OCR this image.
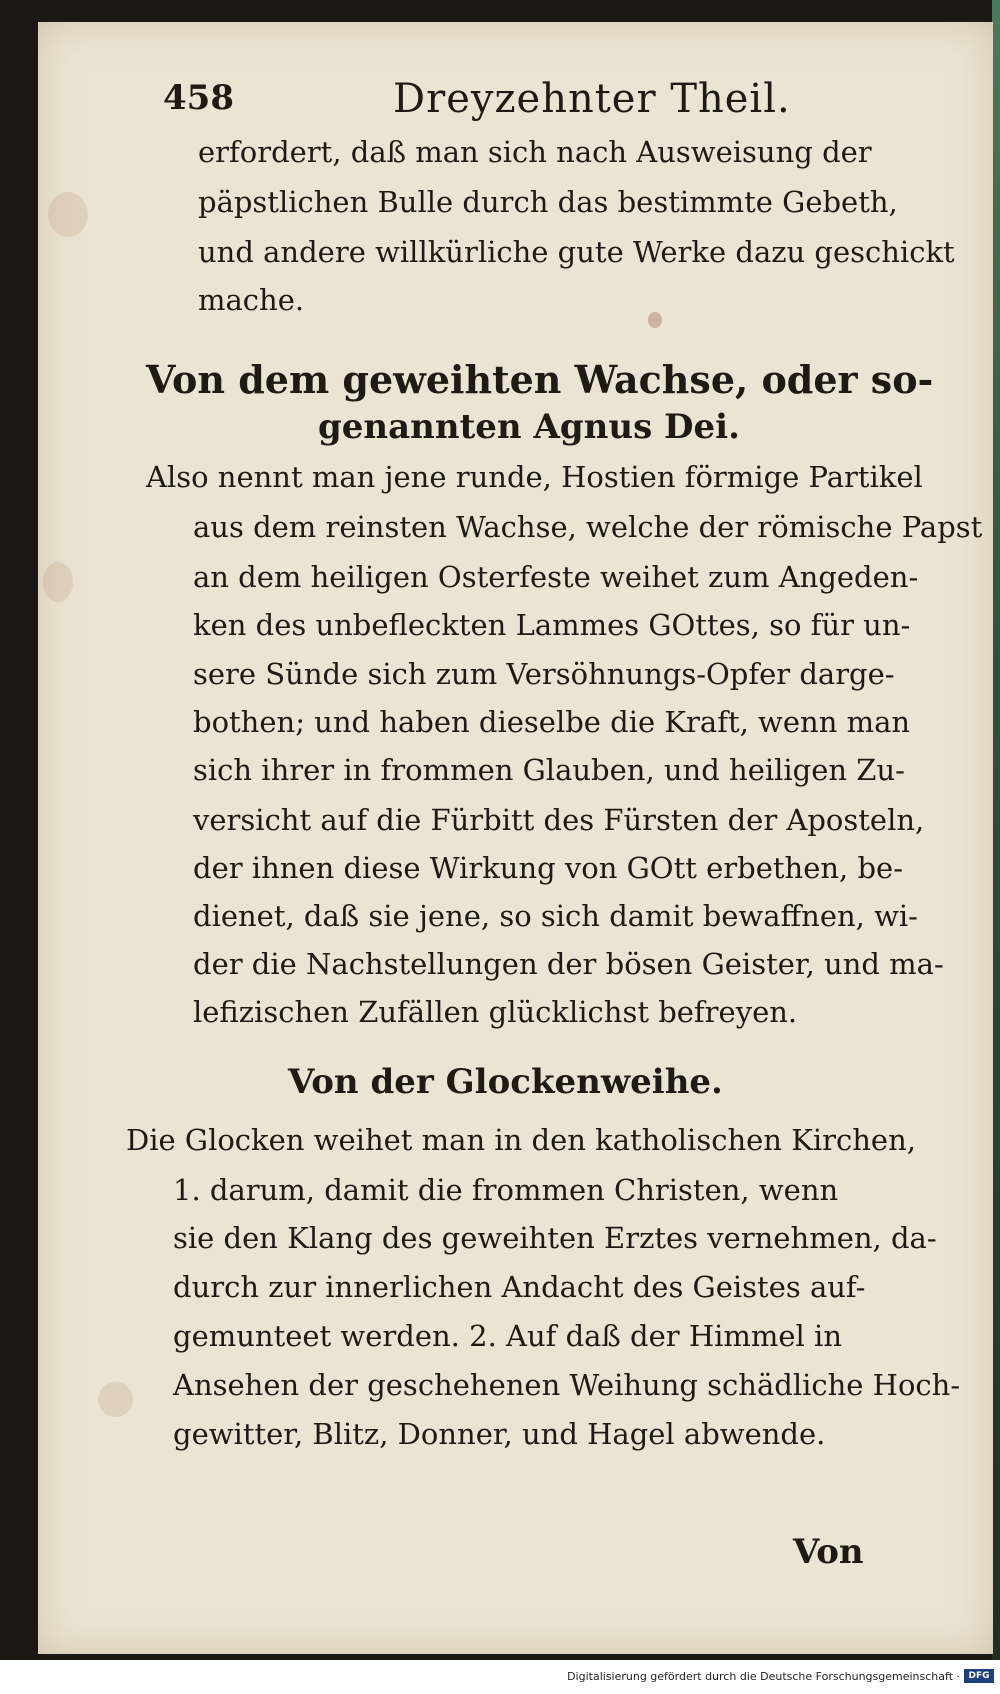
458	Dreyzehnter Theil.
erfordert, daß man sich nach Ausweisung der
päpstlichen Bulle durch das bestimmte Gebeth,
und andere willkürliche gute Werke dazu geschickt
mache.
Von dem geweihten Wachse, oder so-
genannten Agnus Dei.
Also nennt man jene runde, Hostien förmige Partikel
aus dem reinsten Wachse, welche der römische Papst
an dem heiligen Osterfeste weihet zum Angeden-
ken des unbefleckten Lammes GOttes, so für un-
sere Sünde sich zum Versöhnungs-Opfer darge-
bothen; und haben dieselbe die Kraft, wenn man
sich ihrer in frommen Glauben, und heiligen Zu-
versicht auf die Fürbitt des Fürsten der Aposteln,
der ihnen diese Wirkung von GOtt erbethen, be-
dienet, daß sie jene, so sich damit bewaffnen, wi-
der die Nachstellungen der bösen Geister, und ma-
lefizischen Zufällen glücklichst befreyen.
Von der Glockenweihe.
Die Glocken weihet man in den katholischen Kirchen,
1. darum, damit die frommen Christen, wenn
sie den Klang des geweihten Erztes vernehmen, da-
durch zur innerlichen Andacht des Geistes auf-
gemunteet werden. 2. Auf daß der Himmel in
Ansehen der geschehenen Weihung schädliche Hoch-
gewitter, Blitz, Donner, und Hagel abwende.
Von
Digitalisierung gefördert durch die Deutsche Forschungsgemeinschaft · DFG
